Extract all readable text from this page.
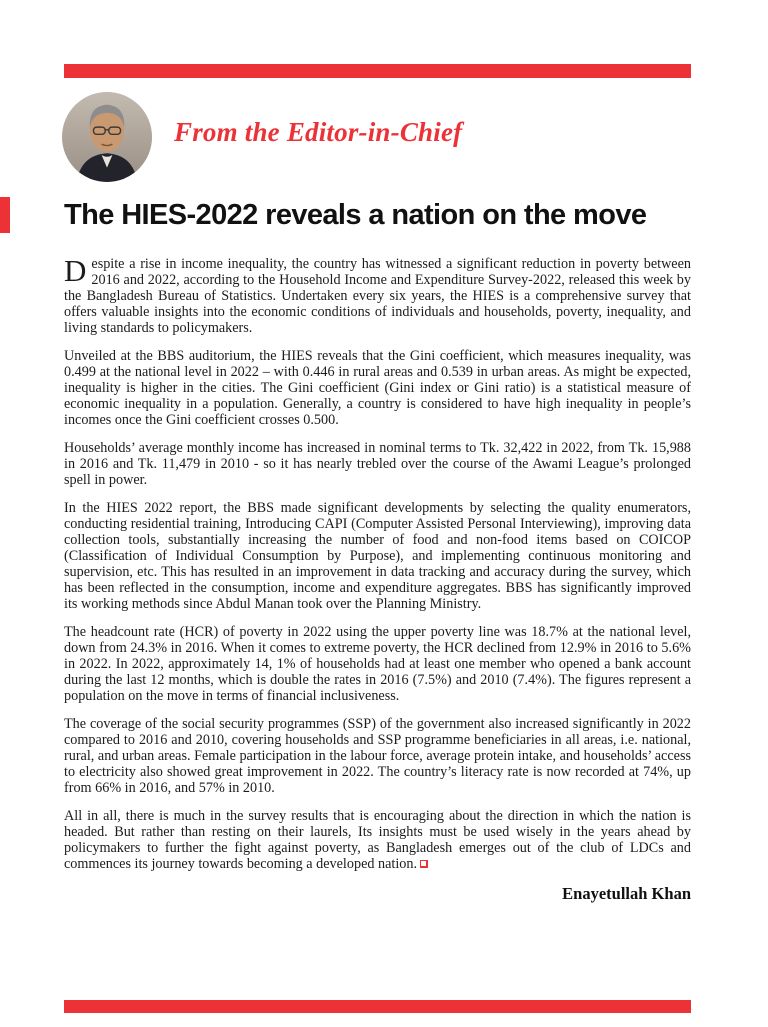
From the Editor-in-Chief
The HIES-2022 reveals a nation on the move

Despite a rise in income inequality, the country has witnessed a significant reduction in poverty between 2016 and 2022, according to the Household Income and Expenditure Survey-2022, released this week by the Bangladesh Bureau of Statistics. Undertaken every six years, the HIES is a comprehensive survey that offers valuable insights into the economic conditions of individuals and households, poverty, inequality, and living standards to policymakers.

Unveiled at the BBS auditorium, the HIES reveals that the Gini coefficient, which measures inequality, was 0.499 at the national level in 2022 – with 0.446 in rural areas and 0.539 in urban areas. As might be expected, inequality is higher in the cities. The Gini coefficient (Gini index or Gini ratio) is a statistical measure of economic inequality in a population. Generally, a country is considered to have high inequality in people’s incomes once the Gini coefficient crosses 0.500.

Households’ average monthly income has increased in nominal terms to Tk. 32,422 in 2022, from Tk. 15,988 in 2016 and Tk. 11,479 in 2010 - so it has nearly trebled over the course of the Awami League’s prolonged spell in power.

In the HIES 2022 report, the BBS made significant developments by selecting the quality enumerators, conducting residential training, Introducing CAPI (Computer Assisted Personal Interviewing), improving data collection tools, substantially increasing the number of food and non-food items based on COICOP (Classification of Individual Consumption by Purpose), and implementing continuous monitoring and supervision, etc. This has resulted in an improvement in data tracking and accuracy during the survey, which has been reflected in the consumption, income and expenditure aggregates. BBS has significantly improved its working methods since Abdul Manan took over the Planning Ministry.

The headcount rate (HCR) of poverty in 2022 using the upper poverty line was 18.7% at the national level, down from 24.3% in 2016. When it comes to extreme poverty, the HCR declined from 12.9% in 2016 to 5.6% in 2022. In 2022, approximately 14, 1% of households had at least one member who opened a bank account during the last 12 months, which is double the rates in 2016 (7.5%) and 2010 (7.4%). The figures represent a population on the move in terms of financial inclusiveness.

The coverage of the social security programmes (SSP) of the government also increased significantly in 2022 compared to 2016 and 2010, covering households and SSP programme beneficiaries in all areas, i.e. national, rural, and urban areas. Female participation in the labour force, average protein intake, and households’ access to electricity also showed great improvement in 2022. The country’s literacy rate is now recorded at 74%, up from 66% in 2016, and 57% in 2010.

All in all, there is much in the survey results that is encouraging about the direction in which the nation is headed. But rather than resting on their laurels, Its insights must be used wisely in the years ahead by policymakers to further the fight against poverty, as Bangladesh emerges out of the club of LDCs and commences its journey towards becoming a developed nation.

Enayetullah Khan
